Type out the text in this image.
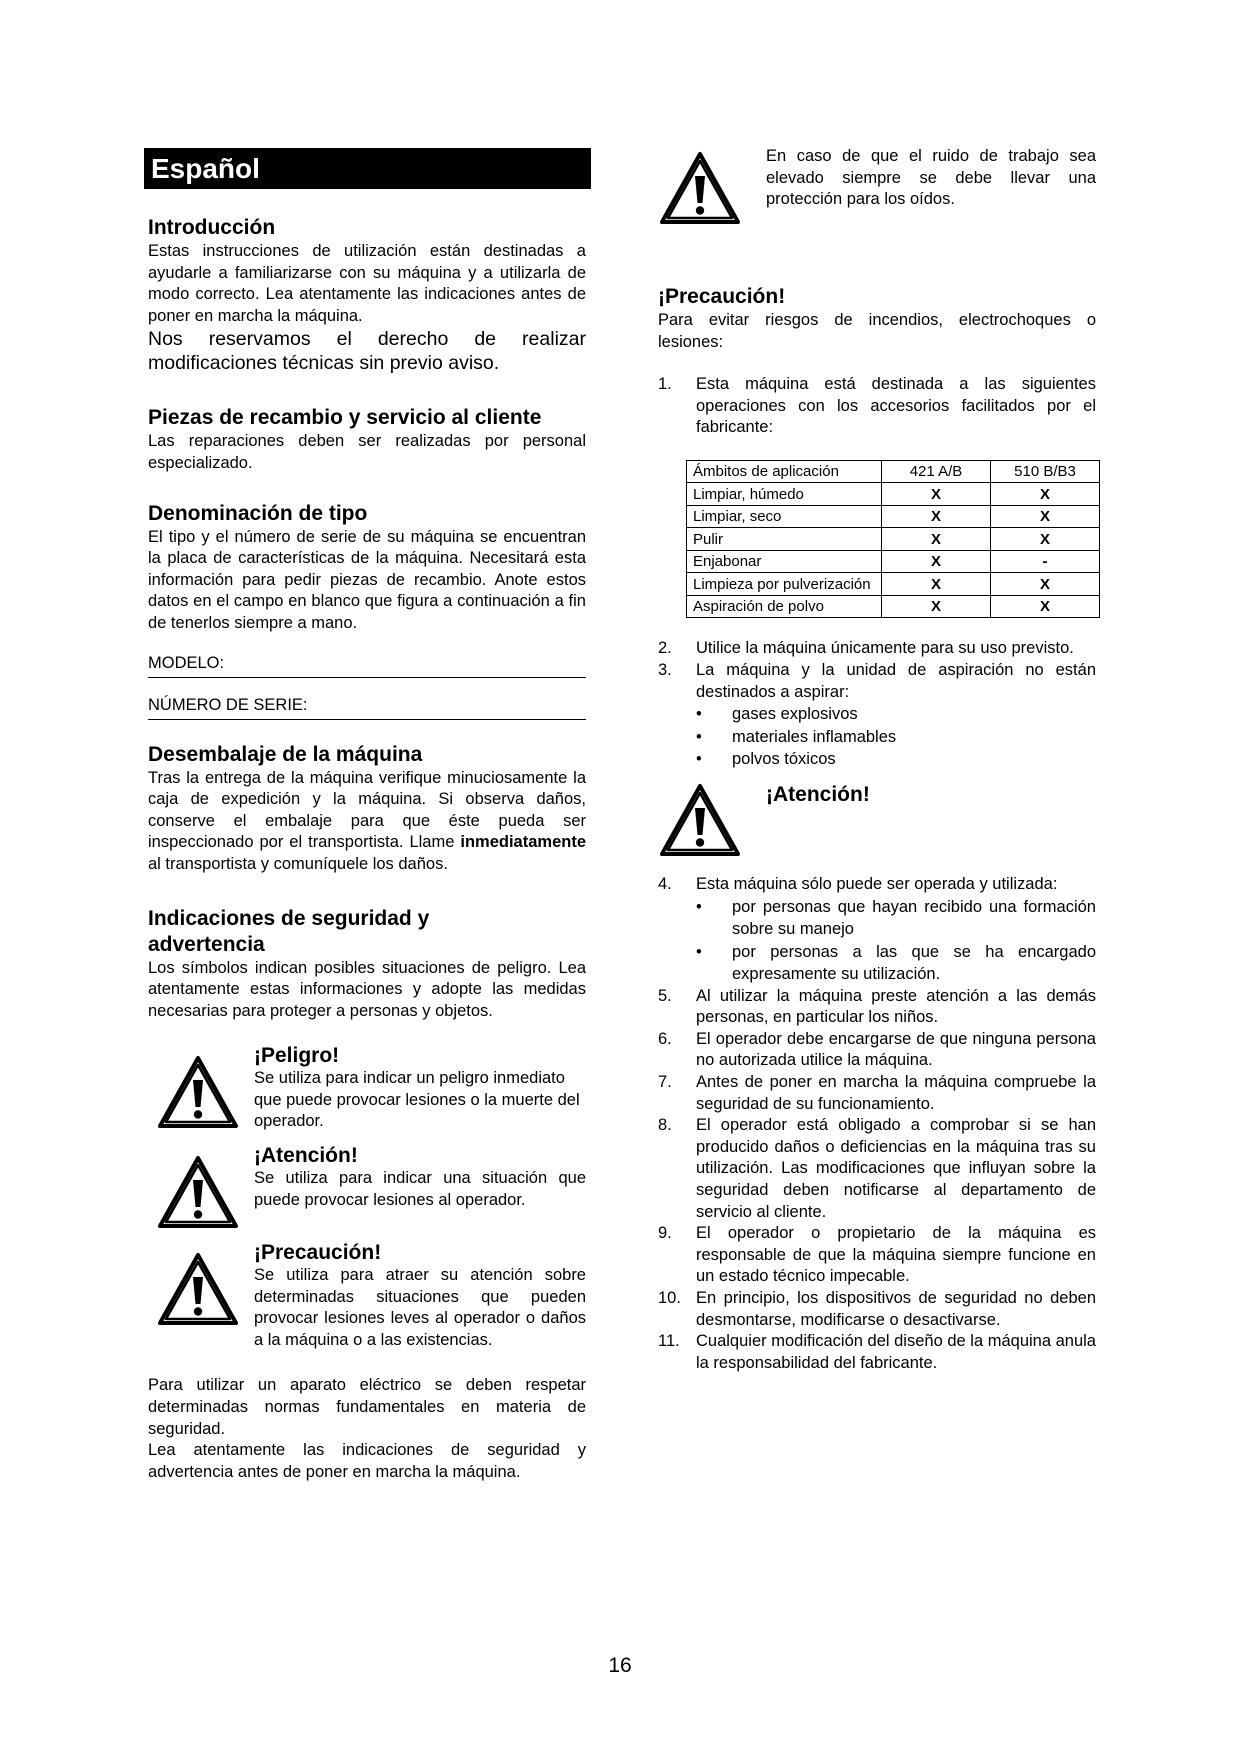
Español
Introducción

Estas instrucciones de utilización están destinadas a ayudarle a familiarizarse con su máquina y a utilizarla de modo correcto. Lea atentamente las indicaciones antes de poner en marcha la máquina.

Nos reservamos el derecho de realizar modificaciones técnicas sin previo aviso.

Piezas de recambio y servicio al cliente

Las reparaciones deben ser realizadas por personal especializado.

Denominación de tipo

El tipo y el número de serie de su máquina se encuentran la placa de características de la máquina. Necesitará esta información para pedir piezas de recambio. Anote estos datos en el campo en blanco que figura a continuación a fin de tenerlos siempre a mano.

MODELO:
NÚMERO DE SERIE:
Desembalaje de la máquina

Tras la entrega de la máquina verifique minuciosamente la caja de expedición y la máquina. Si observa daños, conserve el embalaje para que éste pueda ser inspeccionado por el transportista. Llame inmediatamente al transportista y comuníquele los daños.

Indicaciones de seguridad y advertencia

Los símbolos indican posibles situaciones de peligro. Lea atentamente estas informaciones y adopte las medidas necesarias para proteger a personas y objetos.

¡Peligro!

Se utiliza para indicar un peligro inmediato que puede provocar lesiones o la muerte del operador.

¡Atención!

Se utiliza para indicar una situación que puede provocar lesiones al operador.

¡Precaución!

Se utiliza para atraer su atención sobre determinadas situaciones que pueden provocar lesiones leves al operador o daños a la máquina o a las existencias.

Para utilizar un aparato eléctrico se deben respetar determinadas normas fundamentales en materia de seguridad.

Lea atentamente las indicaciones de seguridad y advertencia antes de poner en marcha la máquina.

En caso de que el ruido de trabajo sea elevado siempre se debe llevar una protección para los oídos.

¡Precaución!

Para evitar riesgos de incendios, electrochoques o lesiones:

1. Esta máquina está destinada a las siguientes operaciones con los accesorios facilitados por el fabricante:
Ámbitos de aplicación	421 A/B	510 B/B3
Limpiar, húmedo	X	X
Limpiar, seco	X	X
Pulir	X	X
Enjabonar	X	-
Limpieza por pulverización	X	X
Aspiración de polvo	X	X
2. Utilice la máquina únicamente para su uso previsto.
3. La máquina y la unidad de aspiración no están destinados a aspirar:
• gases explosivos
• materiales inflamables
• polvos tóxicos
¡Atención!
4. Esta máquina sólo puede ser operada y utilizada:
• por personas que hayan recibido una formación sobre su manejo
• por personas a las que se ha encargado expresamente su utilización.
5. Al utilizar la máquina preste atención a las demás personas, en particular los niños.
6. El operador debe encargarse de que ninguna persona no autorizada utilice la máquina.
7. Antes de poner en marcha la máquina compruebe la seguridad de su funcionamiento.
8. El operador está obligado a comprobar si se han producido daños o deficiencias en la máquina tras su utilización. Las modificaciones que influyan sobre la seguridad deben notificarse al departamento de servicio al cliente.
9. El operador o propietario de la máquina es responsable de que la máquina siempre funcione en un estado técnico impecable.
10. En principio, los dispositivos de seguridad no deben desmontarse, modificarse o desactivarse.
11. Cualquier modificación del diseño de la máquina anula la responsabilidad del fabricante.
16
